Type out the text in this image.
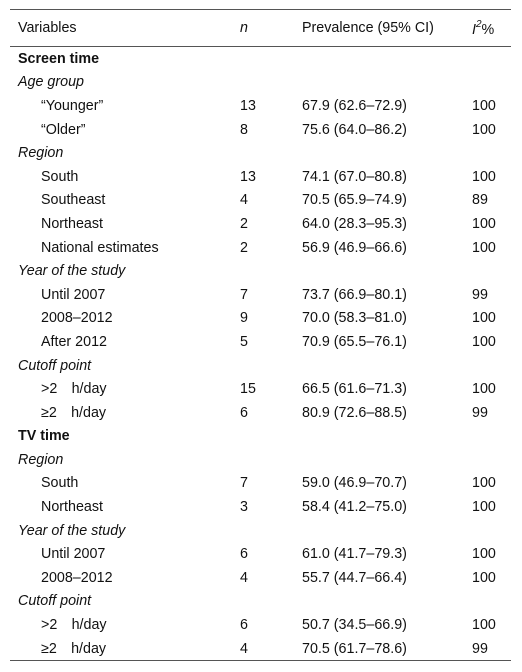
Variables	n	Prevalence (95% CI)	$I^2\%$
Screen time			
Age group			
“Younger”	13	67.9 (62.6–72.9)	100
“Older”	8	75.6 (64.0–86.2)	100
Region			
South	13	74.1 (67.0–80.8)	100
Southeast	4	70.5 (65.9–74.9)	89
Northeast	2	64.0 (28.3–95.3)	100
National estimates	2	56.9 (46.9–66.6)	100
Year of the study			
Until 2007	7	73.7 (66.9–80.1)	99
2008–2012	9	70.0 (58.3–81.0)	100
After 2012	5	70.9 (65.5–76.1)	100
Cutoff point			
>2 h/day	15	66.5 (61.6–71.3)	100
≥2 h/day	6	80.9 (72.6–88.5)	99
TV time			
Region			
South	7	59.0 (46.9–70.7)	100
Northeast	3	58.4 (41.2–75.0)	100
Year of the study			
Until 2007	6	61.0 (41.7–79.3)	100
2008–2012	4	55.7 (44.7–66.4)	100
Cutoff point			
>2 h/day	6	50.7 (34.5–66.9)	100
≥2 h/day	4	70.5 (61.7–78.6)	99
